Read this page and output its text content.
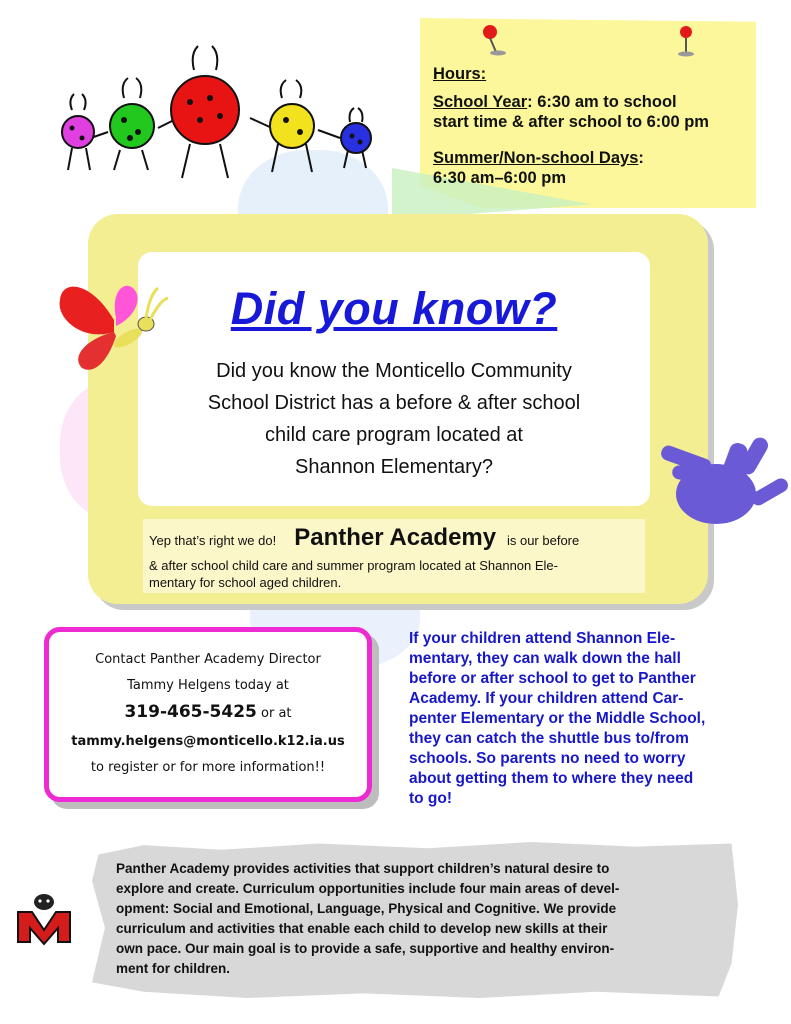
Hours:
School Year: 6:30 am to school
start time & after school to 6:00 pm
Summer/Non-school Days:
6:30 am–6:00 pm
Did you know?
Did you know the Monticello Community
School District has a before & after school
child care program located at
Shannon Elementary?
Yep that’s right we do! Panther Academy is our before
& after school child care and summer program located at Shannon Ele-
mentary for school aged children.
Contact Panther Academy Director
Tammy Helgens today at
319-465-5425 or at
tammy.helgens@monticello.k12.ia.us
to register or for more information!!
If your children attend Shannon Ele-
mentary, they can walk down the hall
before or after school to get to Panther
Academy. If your children attend Car-
penter Elementary or the Middle School,
they can catch the shuttle bus to/from
schools. So parents no need to worry
about getting them to where they need
to go!
Panther Academy provides activities that support children’s natural desire to
explore and create. Curriculum opportunities include four main areas of devel-
opment: Social and Emotional, Language, Physical and Cognitive. We provide
curriculum and activities that enable each child to develop new skills at their
own pace. Our main goal is to provide a safe, supportive and healthy environ-
ment for children.
